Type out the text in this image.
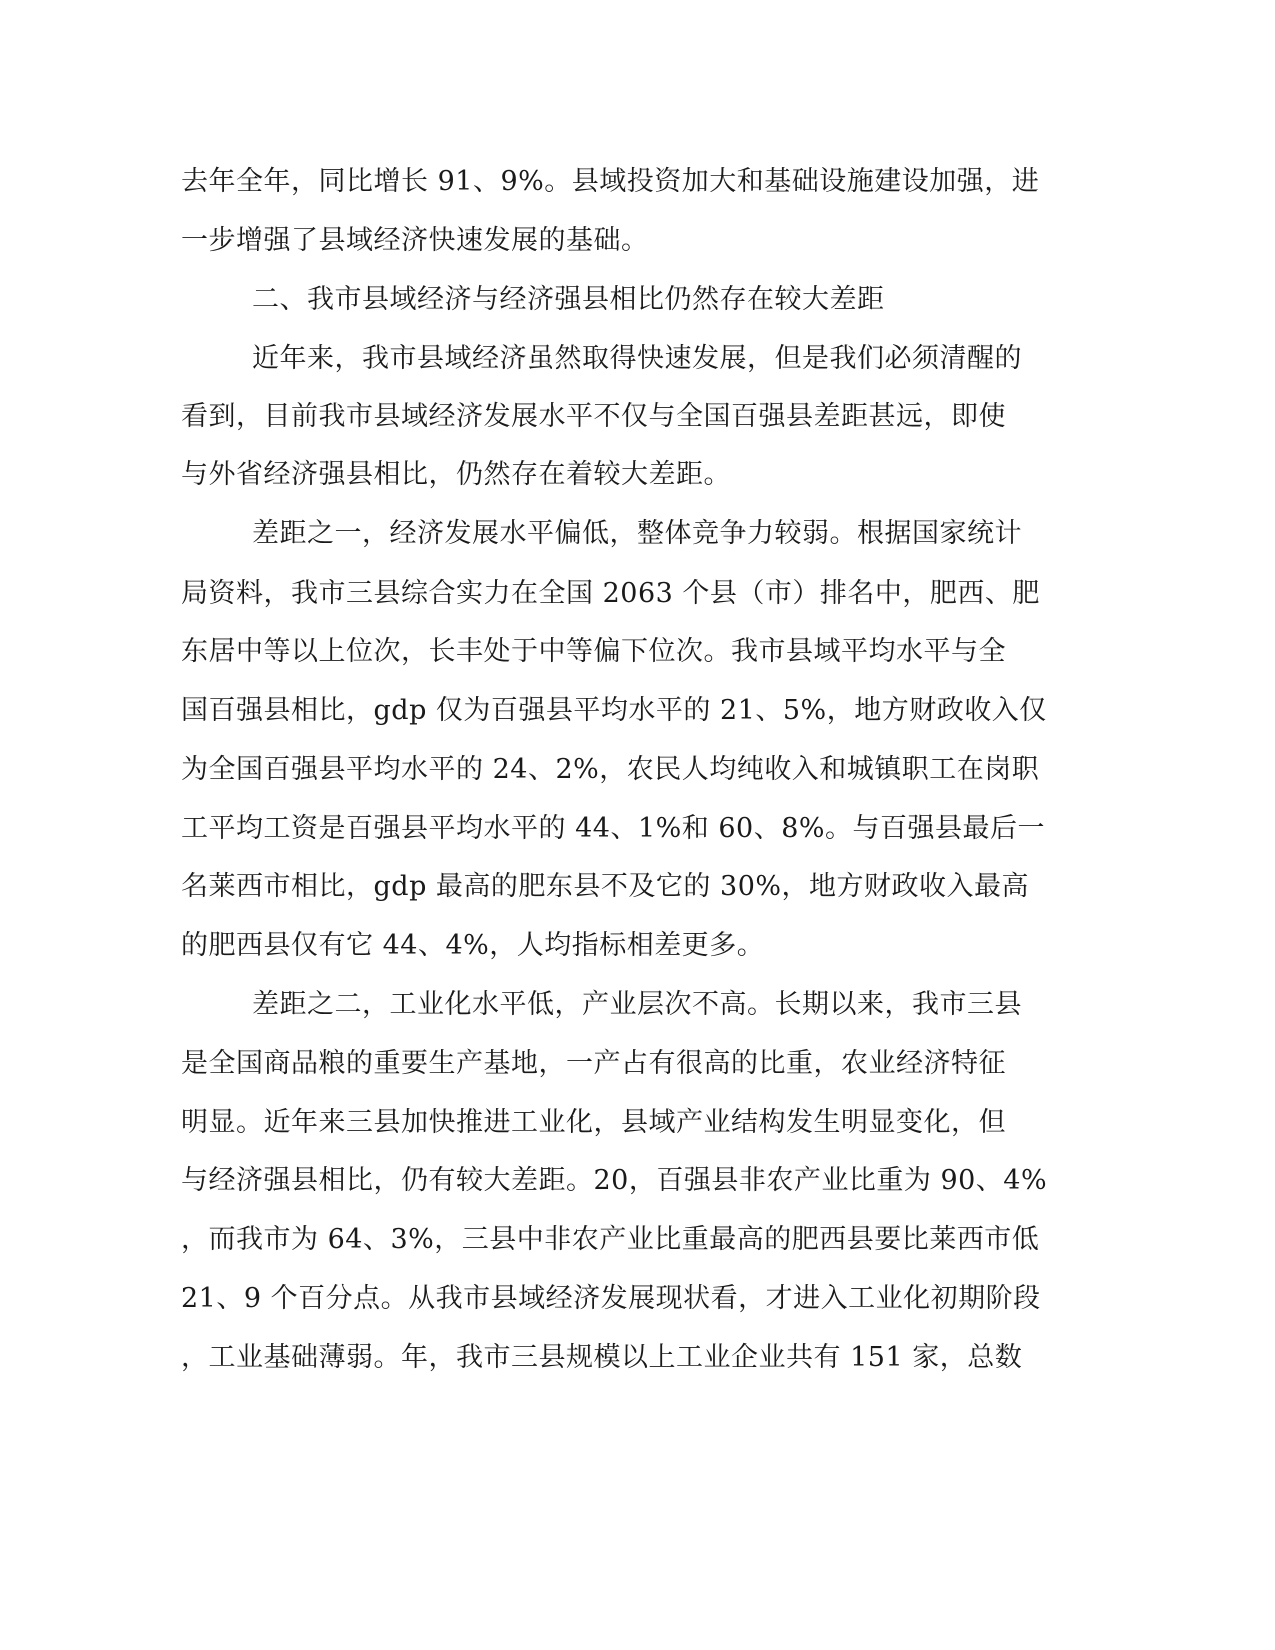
去年全年，同比增长 91、9%。县域投资加大和基础设施建设加强，进

一步增强了县域经济快速发展的基础。

二、我市县域经济与经济强县相比仍然存在较大差距

近年来，我市县域经济虽然取得快速发展，但是我们必须清醒的

看到，目前我市县域经济发展水平不仅与全国百强县差距甚远，即使

与外省经济强县相比，仍然存在着较大差距。

差距之一，经济发展水平偏低，整体竞争力较弱。根据国家统计

局资料，我市三县综合实力在全国 2063 个县（市）排名中，肥西、肥

东居中等以上位次，长丰处于中等偏下位次。我市县域平均水平与全

国百强县相比，gdp 仅为百强县平均水平的 21、5%，地方财政收入仅

为全国百强县平均水平的 24、2%，农民人均纯收入和城镇职工在岗职

工平均工资是百强县平均水平的 44、1%和 60、8%。与百强县最后一

名莱西市相比，gdp 最高的肥东县不及它的 30%，地方财政收入最高

的肥西县仅有它 44、4%，人均指标相差更多。

差距之二，工业化水平低，产业层次不高。长期以来，我市三县

是全国商品粮的重要生产基地，一产占有很高的比重，农业经济特征

明显。近年来三县加快推进工业化，县域产业结构发生明显变化，但

与经济强县相比，仍有较大差距。20，百强县非农产业比重为 90、4%

，而我市为 64、3%，三县中非农产业比重最高的肥西县要比莱西市低

21、9 个百分点。从我市县域经济发展现状看，才进入工业化初期阶段

，工业基础薄弱。年，我市三县规模以上工业企业共有 151 家，总数
